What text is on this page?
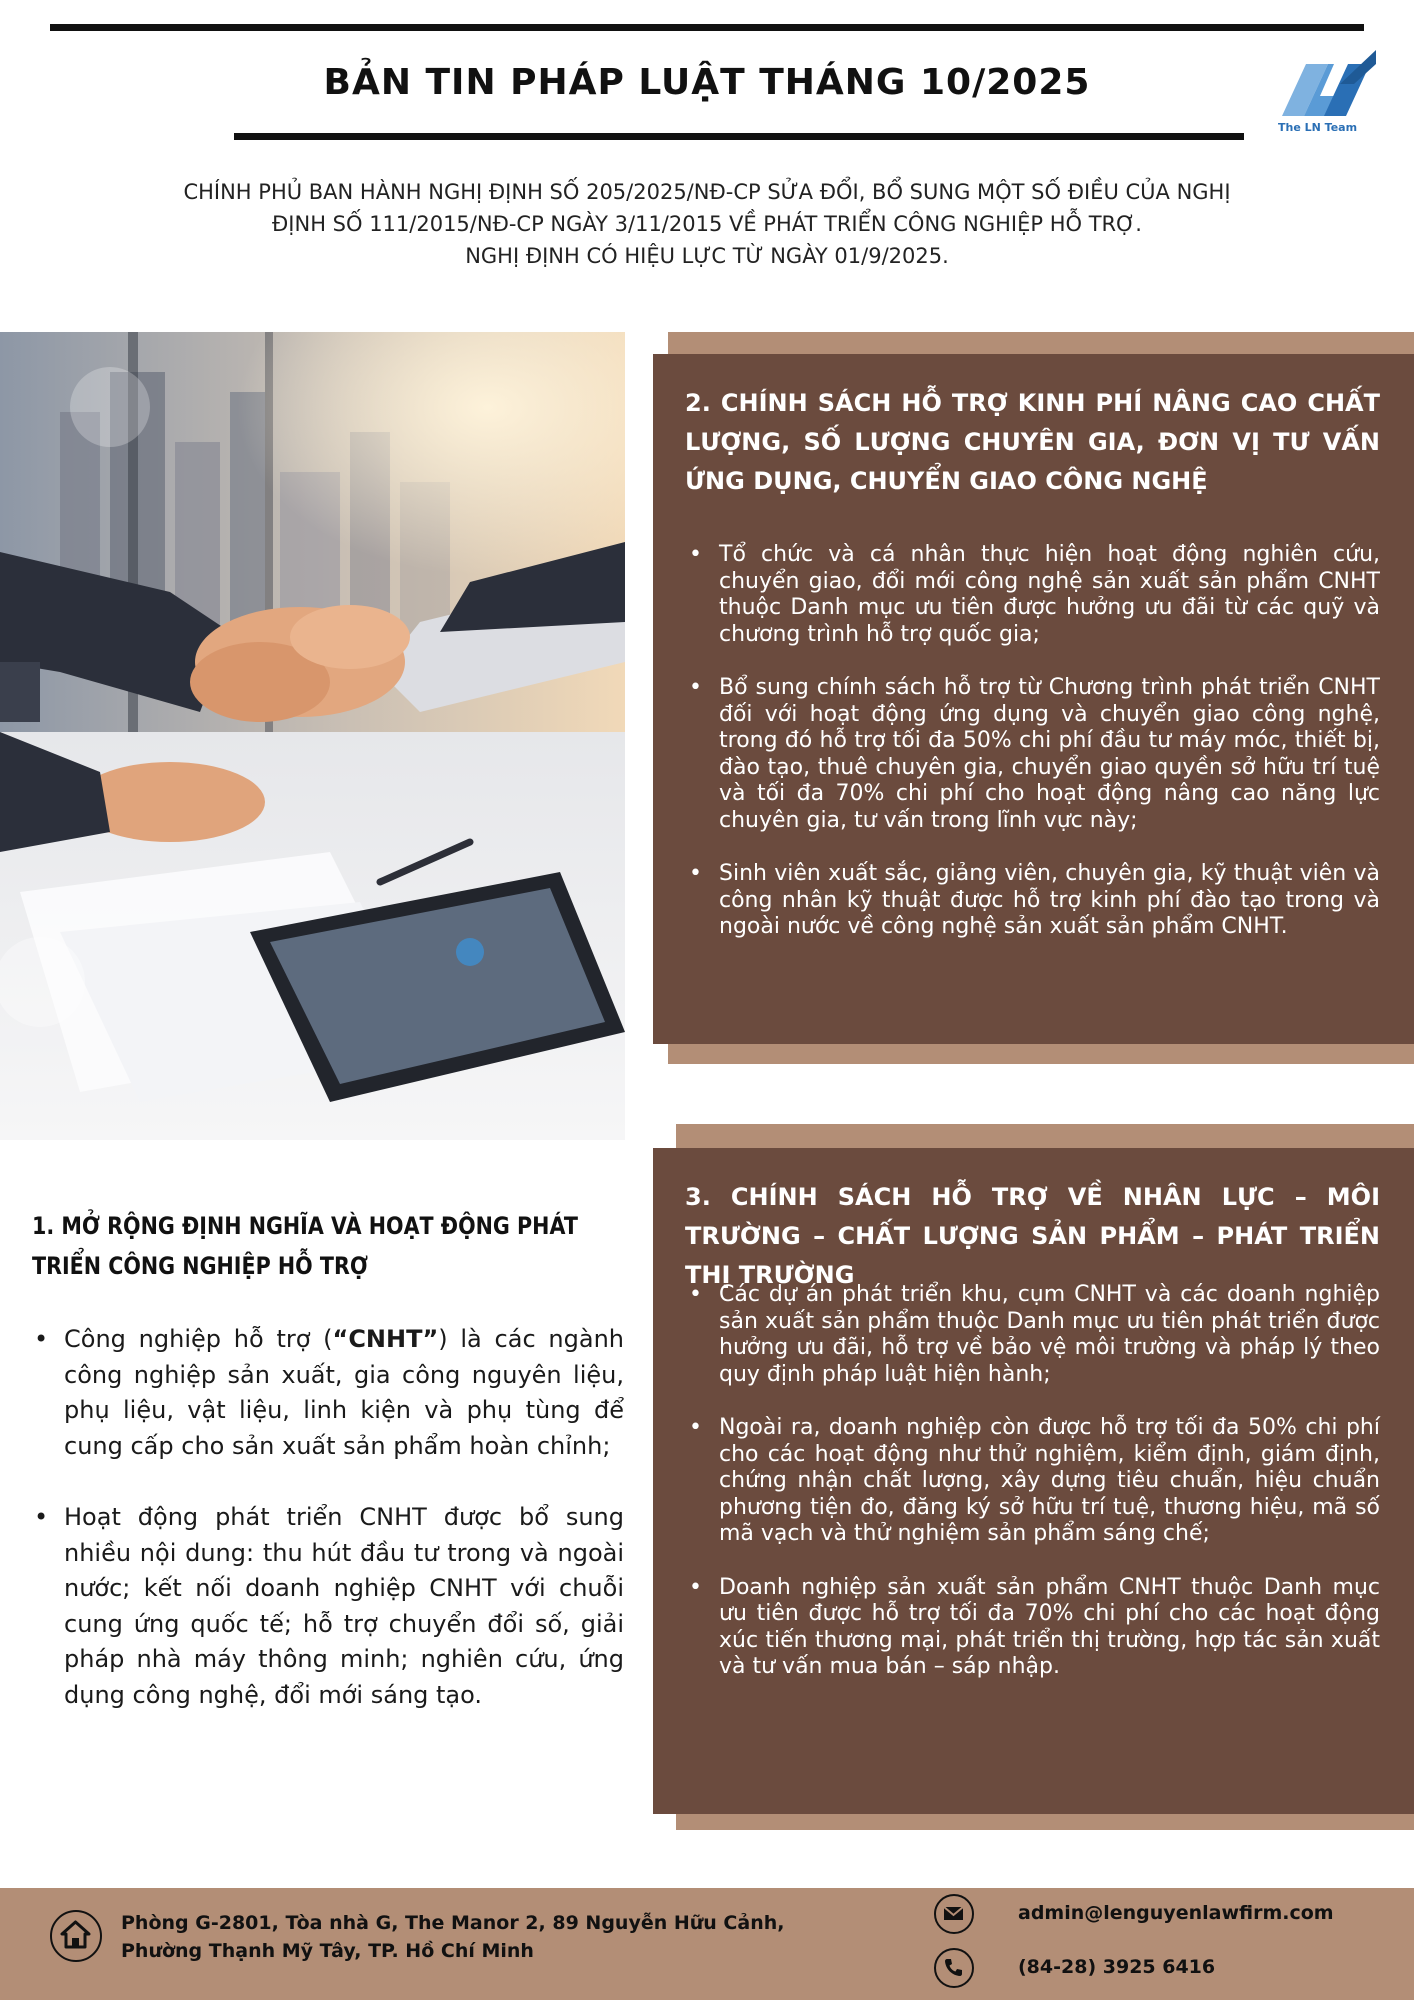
BẢN TIN PHÁP LUẬT THÁNG 10/2025
The LN Team
CHÍNH PHỦ BAN HÀNH NGHỊ ĐỊNH SỐ 205/2025/NĐ-CP SỬA ĐỔI, BỔ SUNG MỘT SỐ ĐIỀU CỦA NGHỊ
ĐỊNH SỐ 111/2015/NĐ-CP NGÀY 3/11/2015 VỀ PHÁT TRIỂN CÔNG NGHIỆP HỖ TRỢ.
NGHỊ ĐỊNH CÓ HIỆU LỰC TỪ NGÀY 01/9/2025.
1. MỞ RỘNG ĐỊNH NGHĨA VÀ HOẠT ĐỘNG PHÁT TRIỂN CÔNG NGHIỆP HỖ TRỢ
• Công nghiệp hỗ trợ (“CNHT”) là các ngành công nghiệp sản xuất, gia công nguyên liệu, phụ liệu, vật liệu, linh kiện và phụ tùng để cung cấp cho sản xuất sản phẩm hoàn chỉnh;
• Hoạt động phát triển CNHT được bổ sung nhiều nội dung: thu hút đầu tư trong và ngoài nước; kết nối doanh nghiệp CNHT với chuỗi cung ứng quốc tế; hỗ trợ chuyển đổi số, giải pháp nhà máy thông minh; nghiên cứu, ứng dụng công nghệ, đổi mới sáng tạo.
2. CHÍNH SÁCH HỖ TRỢ KINH PHÍ NÂNG CAO CHẤT LƯỢNG, SỐ LƯỢNG CHUYÊN GIA, ĐƠN VỊ TƯ VẤN ỨNG DỤNG, CHUYỂN GIAO CÔNG NGHỆ
• Tổ chức và cá nhân thực hiện hoạt động nghiên cứu, chuyển giao, đổi mới công nghệ sản xuất sản phẩm CNHT thuộc Danh mục ưu tiên được hưởng ưu đãi từ các quỹ và chương trình hỗ trợ quốc gia;
• Bổ sung chính sách hỗ trợ từ Chương trình phát triển CNHT đối với hoạt động ứng dụng và chuyển giao công nghệ, trong đó hỗ trợ tối đa 50% chi phí đầu tư máy móc, thiết bị, đào tạo, thuê chuyên gia, chuyển giao quyền sở hữu trí tuệ và tối đa 70% chi phí cho hoạt động nâng cao năng lực chuyên gia, tư vấn trong lĩnh vực này;
• Sinh viên xuất sắc, giảng viên, chuyên gia, kỹ thuật viên và công nhân kỹ thuật được hỗ trợ kinh phí đào tạo trong và ngoài nước về công nghệ sản xuất sản phẩm CNHT.
3. CHÍNH SÁCH HỖ TRỢ VỀ NHÂN LỰC – MÔI TRƯỜNG – CHẤT LƯỢNG SẢN PHẨM – PHÁT TRIỂN THỊ TRƯỜNG
• Các dự án phát triển khu, cụm CNHT và các doanh nghiệp sản xuất sản phẩm thuộc Danh mục ưu tiên phát triển được hưởng ưu đãi, hỗ trợ về bảo vệ môi trường và pháp lý theo quy định pháp luật hiện hành;
• Ngoài ra, doanh nghiệp còn được hỗ trợ tối đa 50% chi phí cho các hoạt động như thử nghiệm, kiểm định, giám định, chứng nhận chất lượng, xây dựng tiêu chuẩn, hiệu chuẩn phương tiện đo, đăng ký sở hữu trí tuệ, thương hiệu, mã số mã vạch và thử nghiệm sản phẩm sáng chế;
• Doanh nghiệp sản xuất sản phẩm CNHT thuộc Danh mục ưu tiên được hỗ trợ tối đa 70% chi phí cho các hoạt động xúc tiến thương mại, phát triển thị trường, hợp tác sản xuất và tư vấn mua bán – sáp nhập.
Phòng G-2801, Tòa nhà G, The Manor 2, 89 Nguyễn Hữu Cảnh,
Phường Thạnh Mỹ Tây, TP. Hồ Chí Minh
admin@lenguyenlawfirm.com
(84-28) 3925 6416
